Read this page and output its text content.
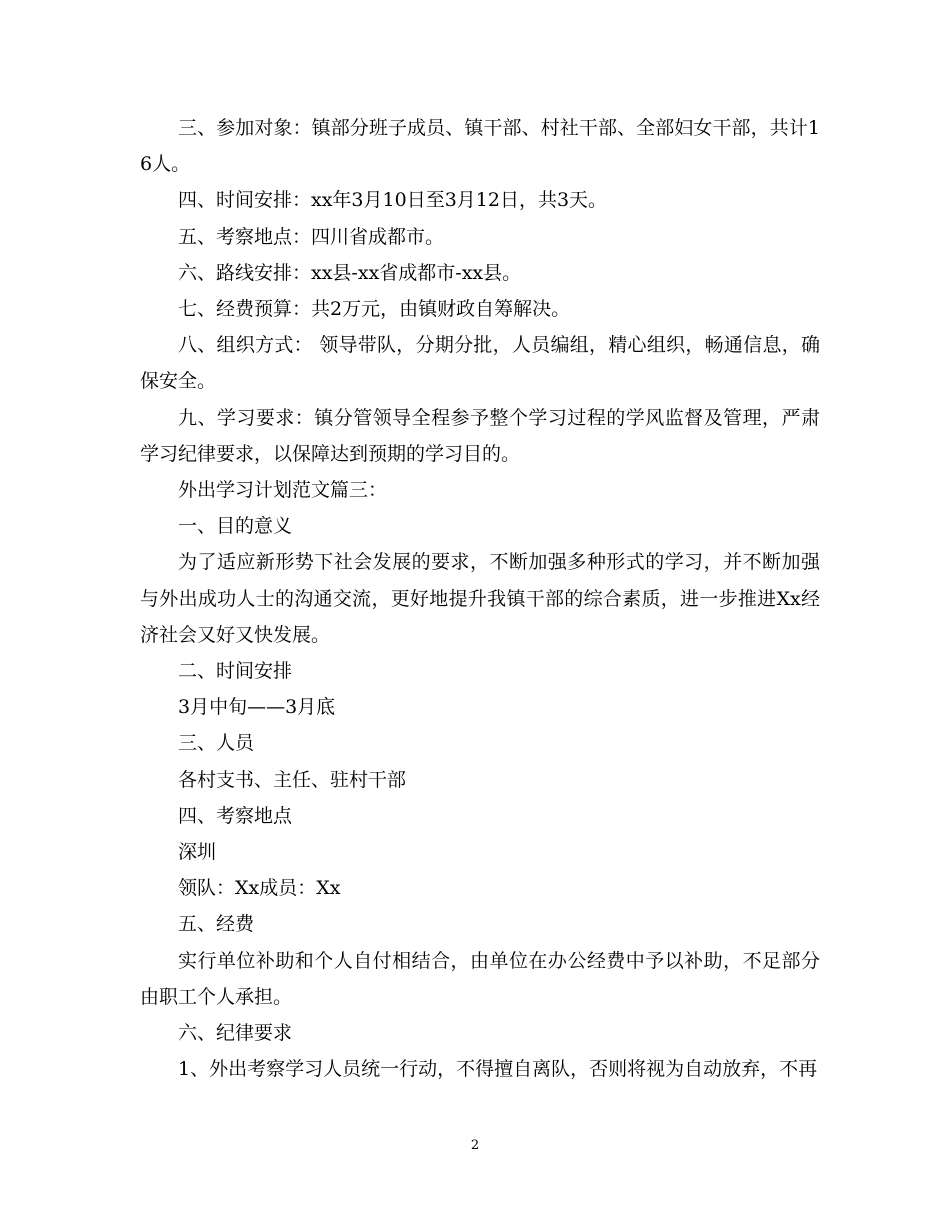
三、参加对象：镇部分班子成员、镇干部、村社干部、全部妇女干部，共计16人。

四、时间安排：xx年3月10日至3月12日，共3天。

五、考察地点：四川省成都市。

六、路线安排：xx县-xx省成都市-xx县。

七、经费预算：共2万元，由镇财政自筹解决。

八、组织方式： 领导带队，分期分批，人员编组，精心组织，畅通信息，确保安全。

九、学习要求：镇分管领导全程参予整个学习过程的学风监督及管理，严肃学习纪律要求，以保障达到预期的学习目的。

外出学习计划范文篇三：

一、目的意义

为了适应新形势下社会发展的要求，不断加强多种形式的学习，并不断加强与外出成功人士的沟通交流，更好地提升我镇干部的综合素质，进一步推进Xx经济社会又好又快发展。

二、时间安排

3月中旬——3月底

三、人员

各村支书、主任、驻村干部

四、考察地点

深圳

领队：Xx成员：Xx

五、经费

实行单位补助和个人自付相结合，由单位在办公经费中予以补助，不足部分由职工个人承担。

六、纪律要求

1、外出考察学习人员统一行动，不得擅自离队，否则将视为自动放弃，不再

2
